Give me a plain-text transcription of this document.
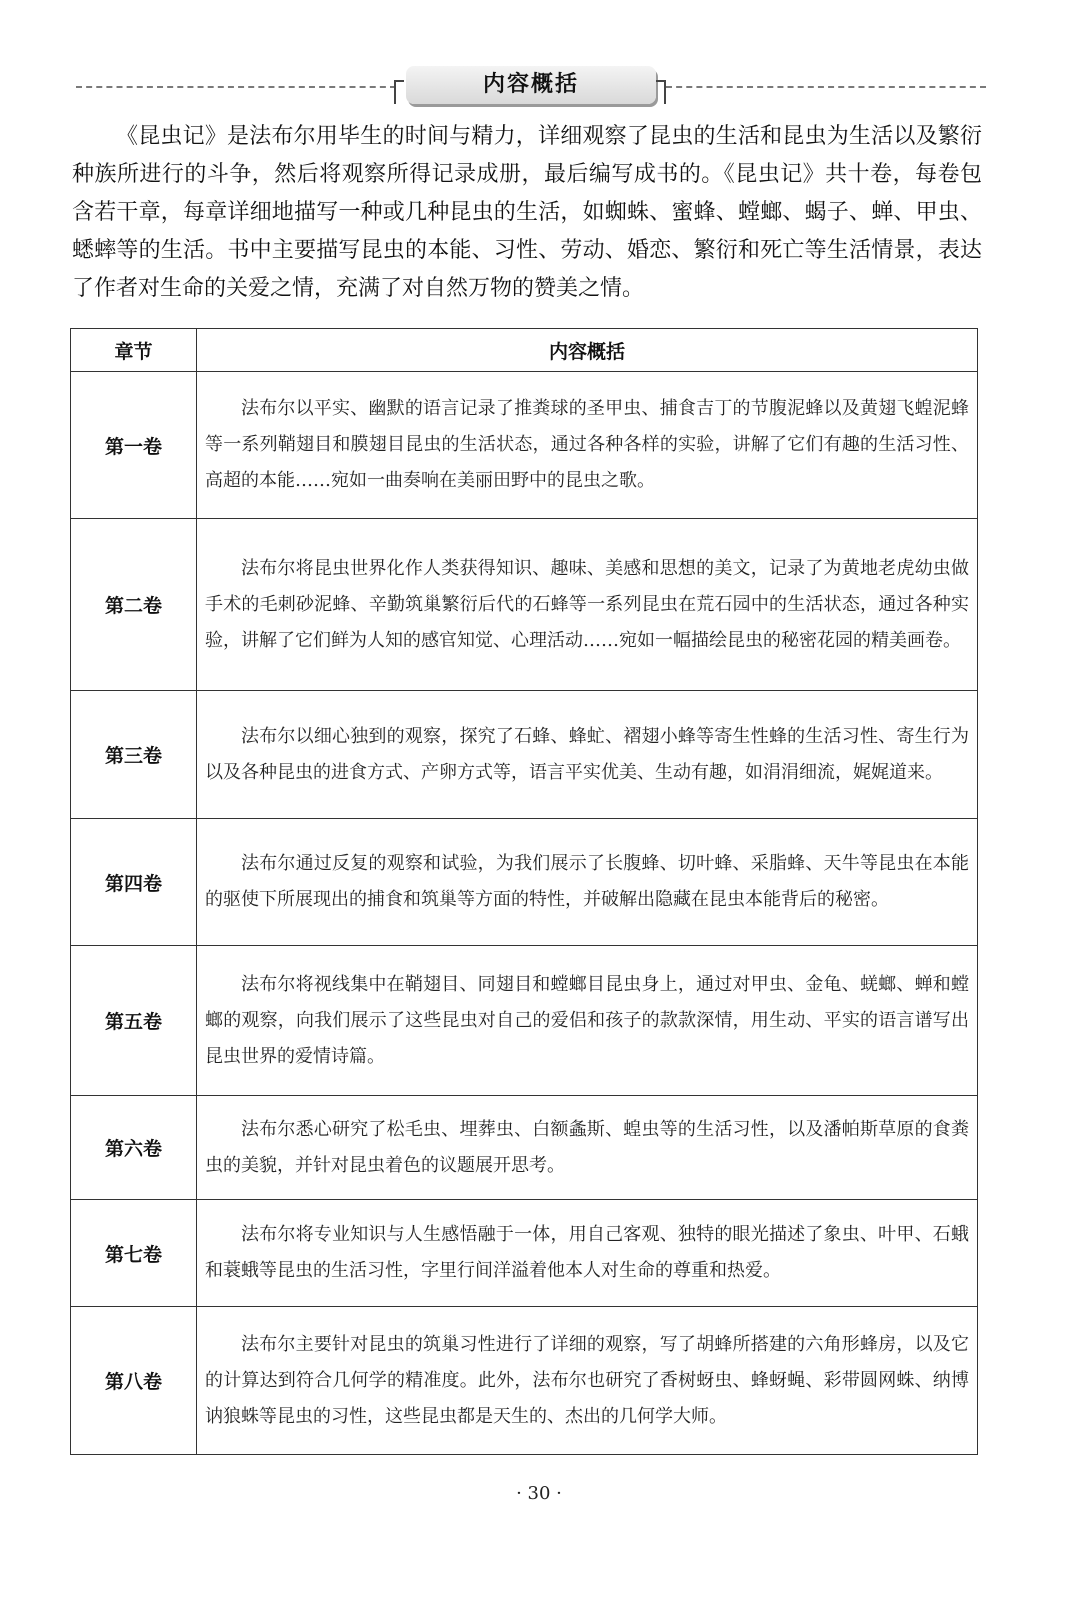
内容概括

《昆虫记》是法布尔用毕生的时间与精力，详细观察了昆虫的生活和昆虫为生活以及繁衍种族所进行的斗争，然后将观察所得记录成册，最后编写成书的。《昆虫记》共十卷，每卷包含若干章，每章详细地描写一种或几种昆虫的生活，如蜘蛛、蜜蜂、螳螂、蝎子、蝉、甲虫、蟋蟀等的生活。书中主要描写昆虫的本能、习性、劳动、婚恋、繁衍和死亡等生活情景，表达了作者对生命的关爱之情，充满了对自然万物的赞美之情。

章节	内容概括
第一卷	法布尔以平实、幽默的语言记录了推粪球的圣甲虫、捕食吉丁的节腹泥蜂以及黄翅飞蝗泥蜂等一系列鞘翅目和膜翅目昆虫的生活状态，通过各种各样的实验，讲解了它们有趣的生活习性、高超的本能……宛如一曲奏响在美丽田野中的昆虫之歌。
第二卷	法布尔将昆虫世界化作人类获得知识、趣味、美感和思想的美文，记录了为黄地老虎幼虫做手术的毛刺砂泥蜂、辛勤筑巢繁衍后代的石蜂等一系列昆虫在荒石园中的生活状态，通过各种实验，讲解了它们鲜为人知的感官知觉、心理活动……宛如一幅描绘昆虫的秘密花园的精美画卷。
第三卷	法布尔以细心独到的观察，探究了石蜂、蜂虻、褶翅小蜂等寄生性蜂的生活习性、寄生行为以及各种昆虫的进食方式、产卵方式等，语言平实优美、生动有趣，如涓涓细流，娓娓道来。
第四卷	法布尔通过反复的观察和试验，为我们展示了长腹蜂、切叶蜂、采脂蜂、天牛等昆虫在本能的驱使下所展现出的捕食和筑巢等方面的特性，并破解出隐藏在昆虫本能背后的秘密。
第五卷	法布尔将视线集中在鞘翅目、同翅目和螳螂目昆虫身上，通过对甲虫、金龟、蜣螂、蝉和螳螂的观察，向我们展示了这些昆虫对自己的爱侣和孩子的款款深情，用生动、平实的语言谱写出昆虫世界的爱情诗篇。
第六卷	法布尔悉心研究了松毛虫、埋葬虫、白额螽斯、蝗虫等的生活习性，以及潘帕斯草原的食粪虫的美貌，并针对昆虫着色的议题展开思考。
第七卷	法布尔将专业知识与人生感悟融于一体，用自己客观、独特的眼光描述了象虫、叶甲、石蛾和蓑蛾等昆虫的生活习性，字里行间洋溢着他本人对生命的尊重和热爱。
第八卷	法布尔主要针对昆虫的筑巢习性进行了详细的观察，写了胡蜂所搭建的六角形蜂房，以及它的计算达到符合几何学的精准度。此外，法布尔也研究了香树蚜虫、蜂蚜蝇、彩带圆网蛛、纳博讷狼蛛等昆虫的习性，这些昆虫都是天生的、杰出的几何学大师。
· 30 ·
